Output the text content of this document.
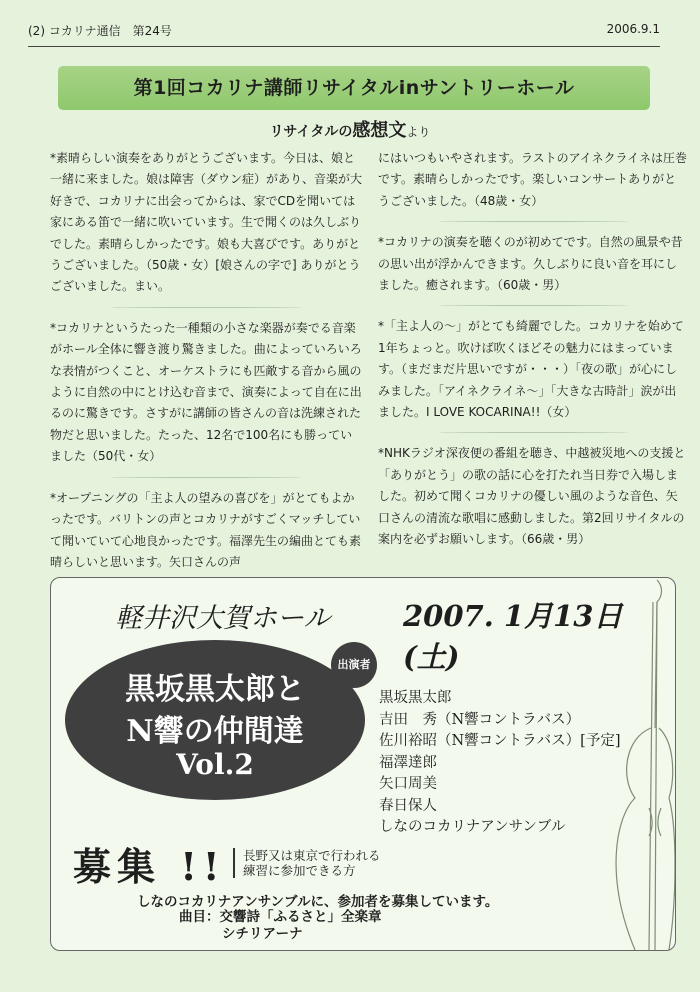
(2) コカリナ通信　第24号	2006.9.1
第1回コカリナ講師リサイタルinサントリーホール
リサイタルの感想文より

*素晴らしい演奏をありがとうございます。今日は、娘と一緒に来ました。娘は障害（ダウン症）があり、音楽が大好きで、コカリナに出会ってからは、家でCDを聞いては家にある笛で一緒に吹いています。生で聞くのは久しぶりでした。素晴らしかったです。娘も大喜びです。ありがとうございました。（50歳・女）[娘さんの字で] ありがとうございました。まい。

*コカリナというたった一種類の小さな楽器が奏でる音楽がホール全体に響き渡り驚きました。曲によっていろいろな表情がつくこと、オーケストラにも匹敵する音から風のように自然の中にとけ込む音まで、演奏によって自在に出るのに驚きです。さすがに講師の皆さんの音は洗練された物だと思いました。たった、12名で100名にも勝っていました（50代・女）

*オープニングの「主よ人の望みの喜びを」がとてもよかったです。バリトンの声とコカリナがすごくマッチしていて聞いていて心地良かったです。福澤先生の編曲とても素晴らしいと思います。矢口さんの声

にはいつもいやされます。ラストのアイネクライネは圧巻です。素晴らしかったです。楽しいコンサートありがとうございました。（48歳・女）

*コカリナの演奏を聴くのが初めてです。自然の風景や昔の思い出が浮かんできます。久しぶりに良い音を耳にしました。癒されます。（60歳・男）

*「主よ人の～」がとても綺麗でした。コカリナを始めて1年ちょっと。吹けば吹くほどその魅力にはまっています。（まだまだ片思いですが・・・）「夜の歌」が心にしみました。「アイネクライネ～」「大きな古時計」涙が出ました。I LOVE KOCARINA!!（女）

*NHKラジオ深夜便の番組を聴き、中越被災地への支援と「ありがとう」の歌の話に心を打たれ当日券で入場しました。初めて聞くコカリナの優しい風のような音色、矢口さんの清流な歌唱に感動しました。第2回リサイタルの案内を必ずお願いします。（66歳・男）

軽井沢大賀ホール	2007. 1月13日(土)
黒坂黒太郎と
N響の仲間達
Vol.2
出演者
黒坂黒太郎
吉田　秀（N響コントラバス）
佐川裕昭（N響コントラバス）[予定]
福澤達郎
矢口周美
春日保人
しなのコカリナアンサンブル
募集 !! 長野又は東京で行われる
練習に参加できる方
しなのコカリナアンサンブルに、参加者を募集しています。
曲目：交響詩「ふるさと」全楽章
シチリアーナ
